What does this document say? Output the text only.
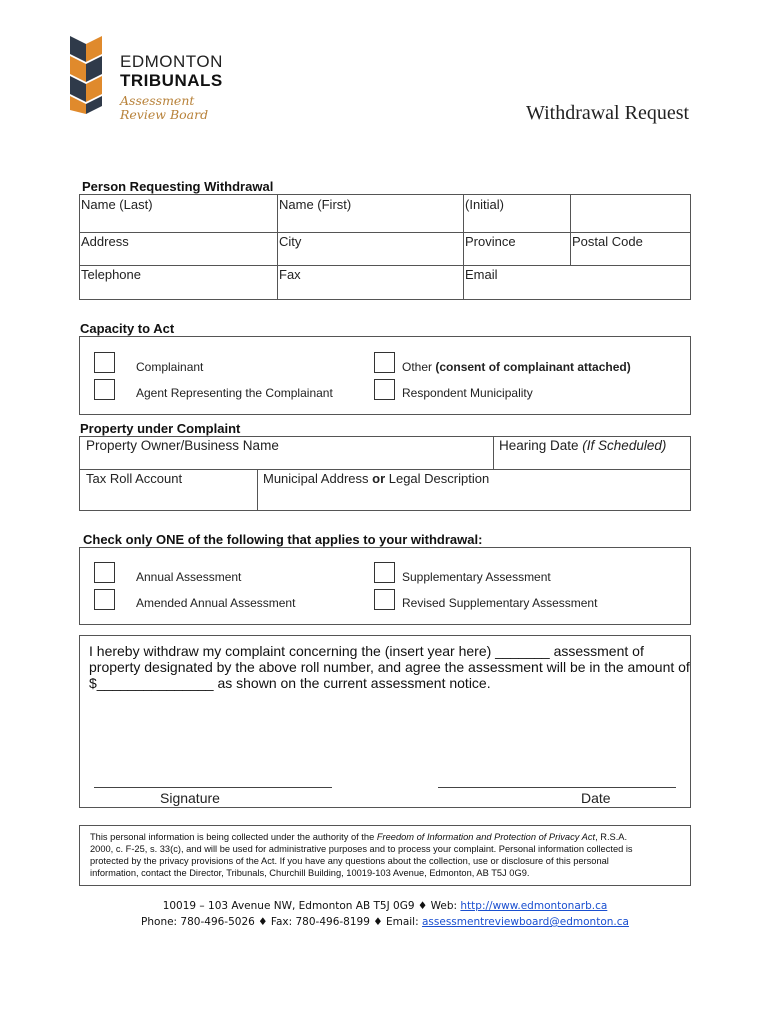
EDMONTON
TRIBUNALS
Assessment
Review Board	Withdrawal Request
Person Requesting Withdrawal
Name (Last)	Name (First)	(Initial)
Address	City	Province	Postal Code
Telephone	Fax	Email
Capacity to Act
Complainant	Other (consent of complainant attached)
Agent Representing the Complainant	Respondent Municipality
Property under Complaint
Property Owner/Business Name	Hearing Date (If Scheduled)
Tax Roll Account	Municipal Address or Legal Description
Check only ONE of the following that applies to your withdrawal:
Annual Assessment	Supplementary Assessment
Amended Annual Assessment	Revised Supplementary Assessment
I hereby withdraw my complaint concerning the (insert year here) _______ assessment of
property designated by the above roll number, and agree the assessment will be in the amount of
$_______________ as shown on the current assessment notice.
Signature	Date
This personal information is being collected under the authority of the Freedom of Information and Protection of Privacy Act, R.S.A.
2000, c. F-25, s. 33(c), and will be used for administrative purposes and to process your complaint. Personal information collected is
protected by the privacy provisions of the Act. If you have any questions about the collection, use or disclosure of this personal
information, contact the Director, Tribunals, Churchill Building, 10019-103 Avenue, Edmonton, AB T5J 0G9.
10019 – 103 Avenue NW, Edmonton AB T5J 0G9 ♦ Web: http://www.edmontonarb.ca
Phone: 780-496-5026 ♦ Fax: 780-496-8199 ♦ Email: assessmentreviewboard@edmonton.ca
